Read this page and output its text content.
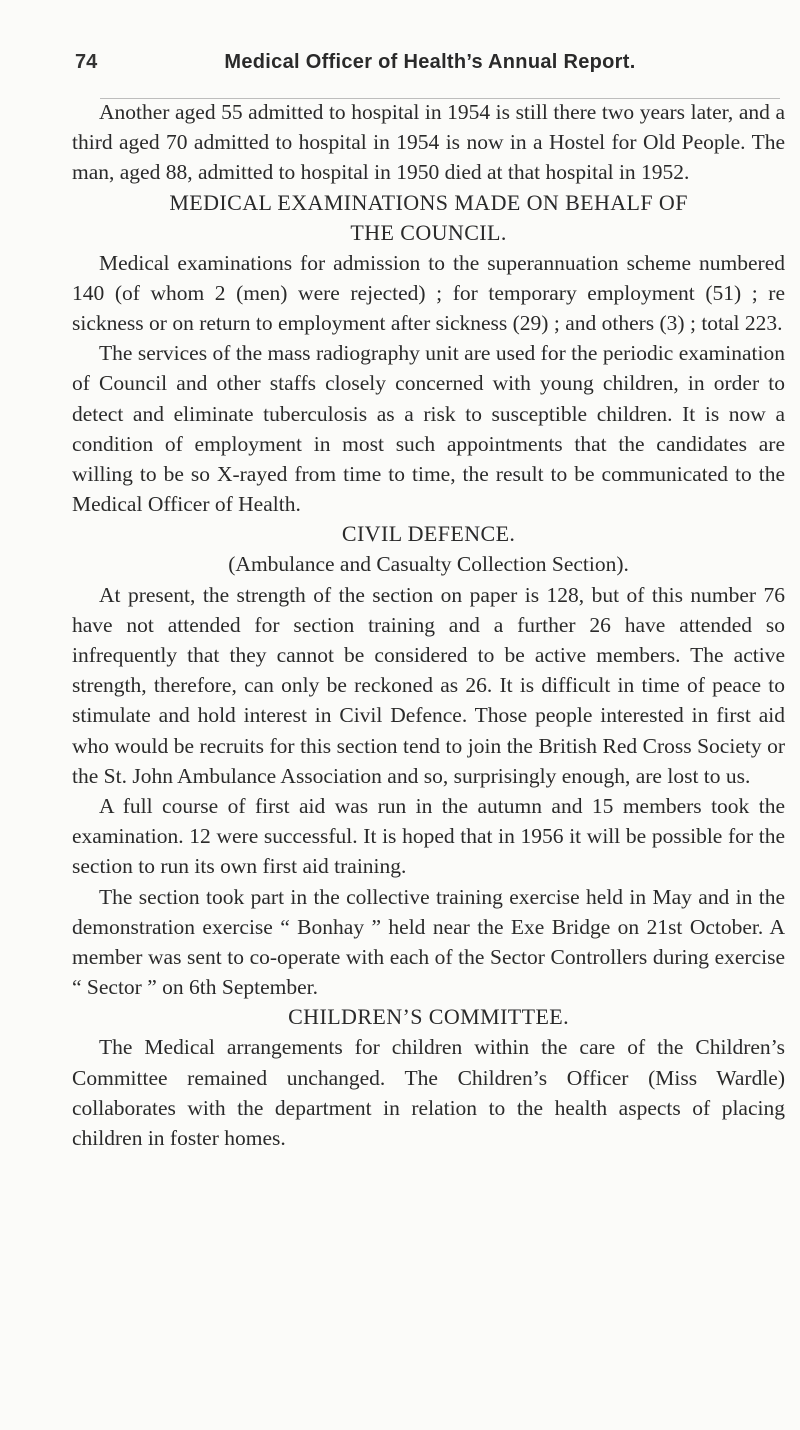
74	Medical Officer of Health’s Annual Report.

Another aged 55 admitted to hospital in 1954 is still there two years later, and a third aged 70 admitted to hospital in 1954 is now in a Hostel for Old People. The man, aged 88, admitted to hospital in 1950 died at that hospital in 1952.

MEDICAL EXAMINATIONS MADE ON BEHALF OF

THE COUNCIL.

Medical examinations for admission to the superannuation scheme numbered 140 (of whom 2 (men) were rejected) ; for temporary employment (51) ; re sickness or on return to employment after sickness (29) ; and others (3) ; total 223.

The services of the mass radiography unit are used for the periodic examination of Council and other staffs closely concerned with young children, in order to detect and eliminate tuberculosis as a risk to susceptible children. It is now a condition of employment in most such appointments that the candidates are willing to be so X-rayed from time to time, the result to be communicated to the Medical Officer of Health.

CIVIL DEFENCE.

(Ambulance and Casualty Collection Section).

At present, the strength of the section on paper is 128, but of this number 76 have not attended for section training and a further 26 have attended so infrequently that they cannot be considered to be active members. The active strength, therefore, can only be reckoned as 26. It is difficult in time of peace to stimulate and hold interest in Civil Defence. Those people interested in first aid who would be recruits for this section tend to join the British Red Cross Society or the St. John Ambulance Association and so, surprisingly enough, are lost to us.

A full course of first aid was run in the autumn and 15 members took the examination. 12 were successful. It is hoped that in 1956 it will be possible for the section to run its own first aid training.

The section took part in the collective training exercise held in May and in the demonstration exercise “ Bonhay ” held near the Exe Bridge on 21st October. A member was sent to co-operate with each of the Sector Controllers during exercise “ Sector ” on 6th September.

CHILDREN’S COMMITTEE.

The Medical arrangements for children within the care of the Children’s Committee remained unchanged. The Children’s Officer (Miss Wardle) collaborates with the department in relation to the health aspects of placing children in foster homes.
